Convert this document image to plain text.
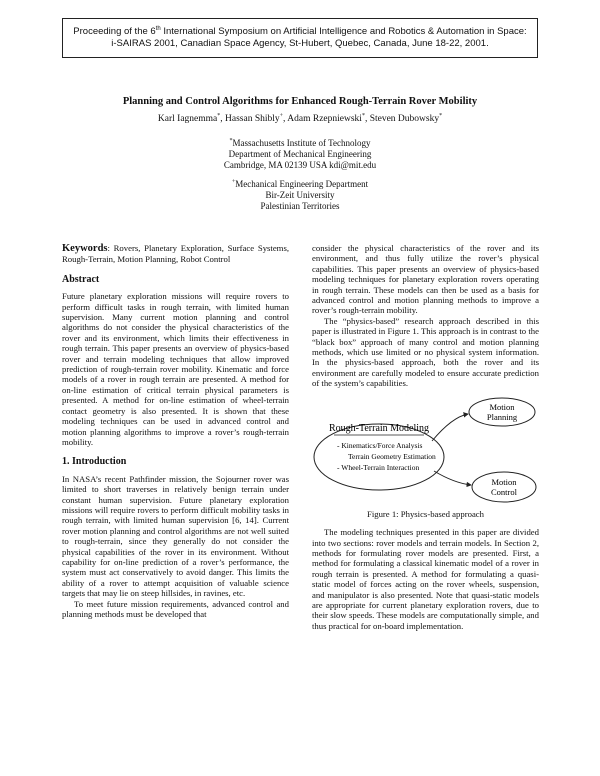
Proceeding of the 6th International Symposium on Artificial Intelligence and Robotics & Automation in Space:
i-SAIRAS 2001, Canadian Space Agency, St-Hubert, Quebec, Canada, June 18-22, 2001.
Planning and Control Algorithms for Enhanced Rough-Terrain Rover Mobility
Karl Iagnemma*, Hassan Shibly+, Adam Rzepniewski*, Steven Dubowsky*
*Massachusetts Institute of Technology
Department of Mechanical Engineering
Cambridge, MA 02139 USA kdi@mit.edu
+Mechanical Engineering Department
Bir-Zeit University
Palestinian Territories

Keywords: Rovers, Planetary Exploration, Surface Systems, Rough-Terrain, Motion Planning, Robot Control

Abstract

Future planetary exploration missions will require rovers to perform difficult tasks in rough terrain, with limited human supervision. Many current motion planning and control algorithms do not consider the physical characteristics of the rover and its environment, which limits their effectiveness in rough terrain. This paper presents an overview of physics-based rover and terrain modeling techniques that allow improved prediction of rough-terrain rover mobility. Kinematic and force models of a rover in rough terrain are presented. A method for on-line estimation of critical terrain physical parameters is presented. A method for on-line estimation of wheel-terrain contact geometry is also presented. It is shown that these modeling techniques can be used in advanced control and motion planning algorithms to improve a rover’s rough-terrain mobility.

1. Introduction

In NASA’s recent Pathfinder mission, the Sojourner rover was limited to short traverses in relatively benign terrain under constant human supervision. Future planetary exploration missions will require rovers to perform difficult mobility tasks in rough terrain, with limited human supervision [6, 14]. Current rover motion planning and control algorithms are not well suited to rough-terrain, since they generally do not consider the physical capabilities of the rover in its environment. Without capability for on-line prediction of a rover’s performance, the system must act conservatively to avoid danger. This limits the ability of a rover to attempt acquisition of valuable science targets that may lie on steep hillsides, in ravines, etc.

To meet future mission requirements, advanced control and planning methods must be developed that

consider the physical characteristics of the rover and its environment, and thus fully utilize the rover’s physical capabilities. This paper presents an overview of physics-based modeling techniques for planetary exploration rovers operating in rough terrain. These models can then be used as a basis for advanced control and motion planning methods to improve a rover’s rough-terrain mobility.

The “physics-based” research approach described in this paper is illustrated in Figure 1. This approach is in contrast to the “black box” approach of many control and motion planning methods, which use limited or no physical system information. In the physics-based approach, both the rover and its environment are carefully modeled to ensure accurate prediction of the system’s capabilities.

Rough-Terrain Modeling
- Kinematics/Force Analysis
Terrain Geometry Estimation
- Wheel-Terrain Interaction
Motion
Planning
Motion
Control
Figure 1: Physics-based approach

The modeling techniques presented in this paper are divided into two sections: rover models and terrain models. In Section 2, methods for formulating rover models are presented. First, a method for formulating a classical kinematic model of a rover in rough terrain is presented. A method for formulating a quasi-static model of forces acting on the rover wheels, suspension, and manipulator is also presented. Note that quasi-static models are appropriate for current planetary exploration rovers, due to their slow speeds. These models are computationally simple, and thus practical for on-board implementation.
